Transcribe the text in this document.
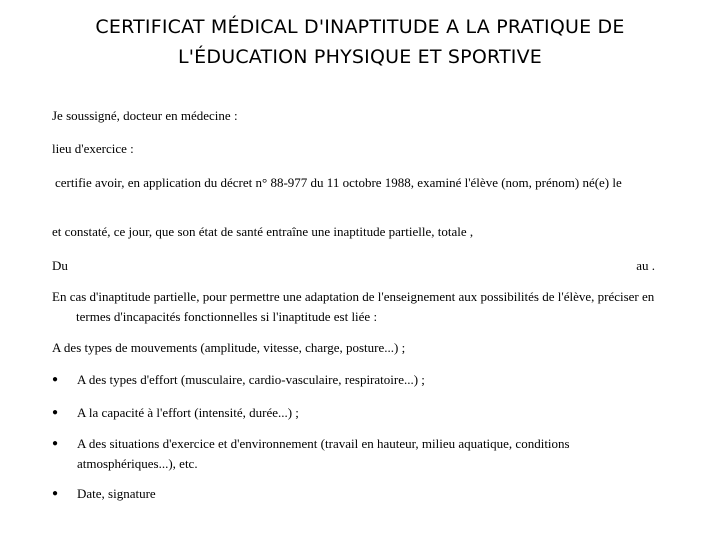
CERTIFICAT MÉDICAL D'INAPTITUDE A LA PRATIQUE DE
L'ÉDUCATION PHYSIQUE ET SPORTIVE
Je soussigné, docteur en médecine :
lieu d'exercice :
certifie avoir, en application du décret n° 88-977 du 11 octobre 1988, examiné l'élève (nom, prénom) né(e) le
et constaté, ce jour, que son état de santé entraîne une inaptitude partielle, totale ,
Du	au .
En cas d'inaptitude partielle, pour permettre une adaptation de l'enseignement aux possibilités de l'élève, préciser en termes d'incapacités fonctionnelles si l'inaptitude est liée :
A des types de mouvements (amplitude, vitesse, charge, posture...) ;
●	A des types d'effort (musculaire, cardio-vasculaire, respiratoire...) ;
●	A la capacité à l'effort (intensité, durée...) ;
●	A des situations d'exercice et d'environnement (travail en hauteur, milieu aquatique, conditions atmosphériques...), etc.
●	Date, signature
